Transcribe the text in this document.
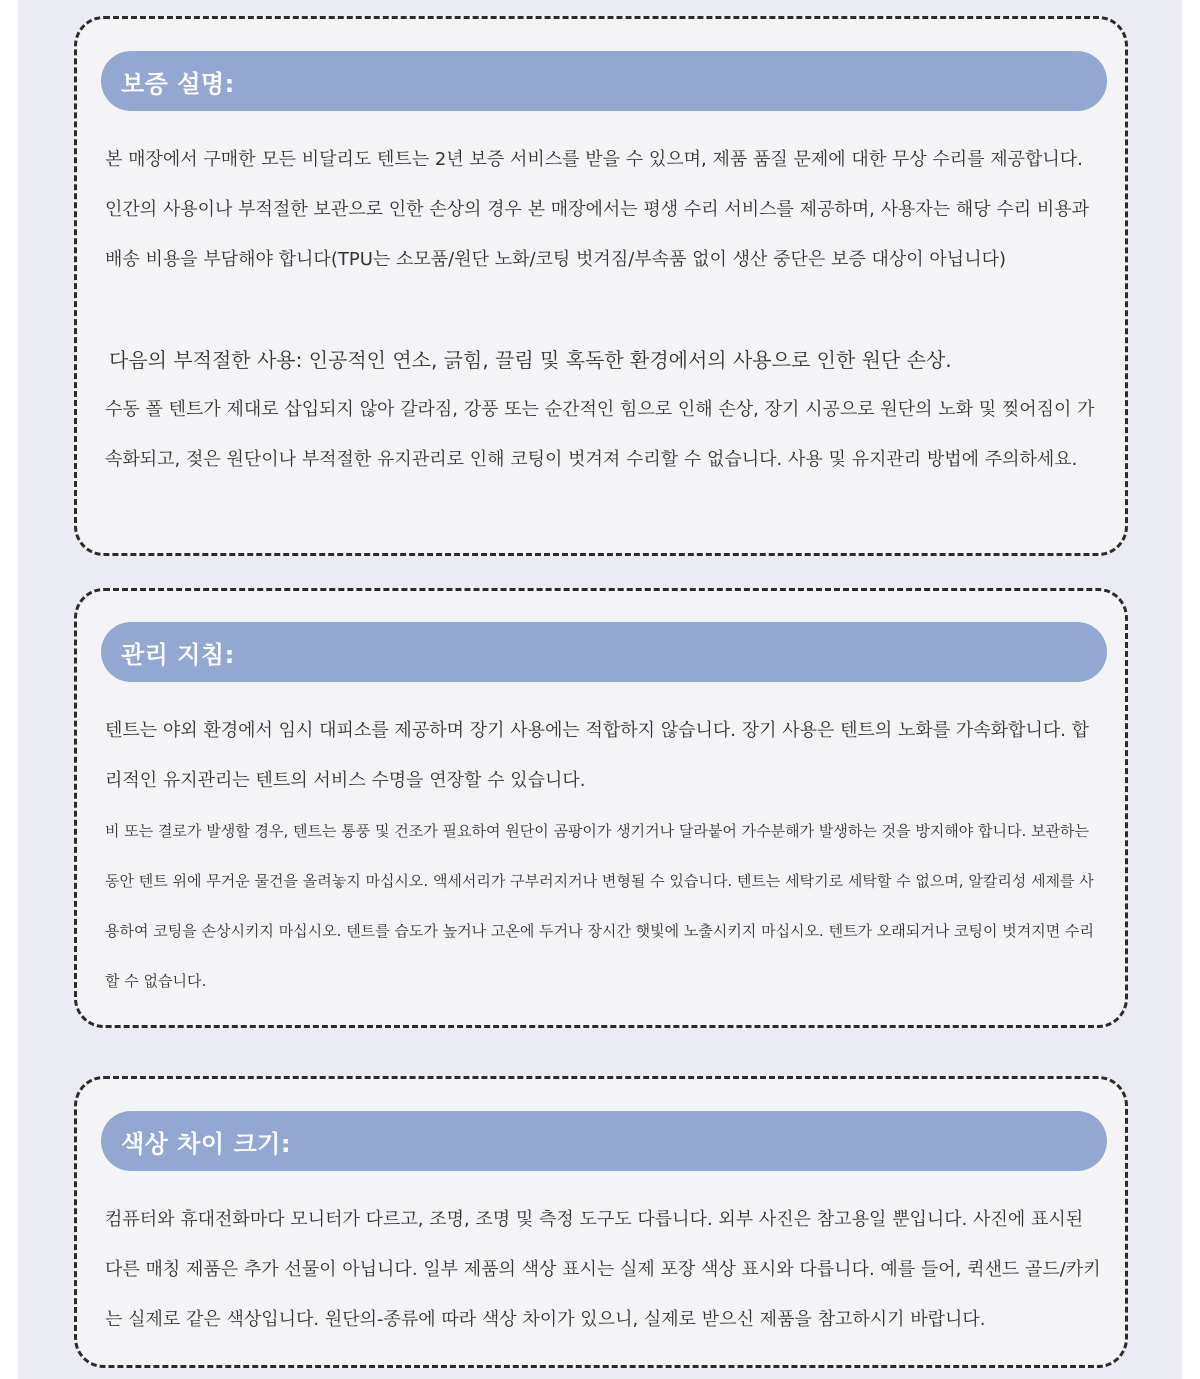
보증 설명:

본 매장에서 구매한 모든 비달리도 텐트는 2년 보증 서비스를 받을 수 있으며, 제품 품질 문제에 대한 무상 수리를 제공합니다. 인간의 사용이나 부적절한 보관으로 인한 손상의 경우 본 매장에서는 평생 수리 서비스를 제공하며, 사용자는 해당 수리 비용과 배송 비용을 부담해야 합니다(TPU는 소모품/원단 노화/코팅 벗겨짐/부속품 없이 생산 중단은 보증 대상이 아닙니다)

다음의 부적절한 사용: 인공적인 연소, 긁힘, 끌림 및 혹독한 환경에서의 사용으로 인한 원단 손상.

수동 폴 텐트가 제대로 삽입되지 않아 갈라짐, 강풍 또는 순간적인 힘으로 인해 손상, 장기 시공으로 원단의 노화 및 찢어짐이 가속화되고, 젖은 원단이나 부적절한 유지관리로 인해 코팅이 벗겨져 수리할 수 없습니다. 사용 및 유지관리 방법에 주의하세요.

관리 지침:

텐트는 야외 환경에서 임시 대피소를 제공하며 장기 사용에는 적합하지 않습니다. 장기 사용은 텐트의 노화를 가속화합니다. 합리적인 유지관리는 텐트의 서비스 수명을 연장할 수 있습니다.

비 또는 결로가 발생할 경우, 텐트는 통풍 및 건조가 필요하여 원단이 곰팡이가 생기거나 달라붙어 가수분해가 발생하는 것을 방지해야 합니다. 보관하는 동안 텐트 위에 무거운 물건을 올려놓지 마십시오. 액세서리가 구부러지거나 변형될 수 있습니다. 텐트는 세탁기로 세탁할 수 없으며, 알칼리성 세제를 사용하여 코팅을 손상시키지 마십시오. 텐트를 습도가 높거나 고온에 두거나 장시간 햇빛에 노출시키지 마십시오. 텐트가 오래되거나 코팅이 벗겨지면 수리할 수 없습니다.

색상 차이 크기:

컴퓨터와 휴대전화마다 모니터가 다르고, 조명, 조명 및 측정 도구도 다릅니다. 외부 사진은 참고용일 뿐입니다. 사진에 표시된 다른 매칭 제품은 추가 선물이 아닙니다. 일부 제품의 색상 표시는 실제 포장 색상 표시와 다릅니다. 예를 들어, 퀵샌드 골드/카키는 실제로 같은 색상입니다. 원단의-종류에 따라 색상 차이가 있으니, 실제로 받으신 제품을 참고하시기 바랍니다.
